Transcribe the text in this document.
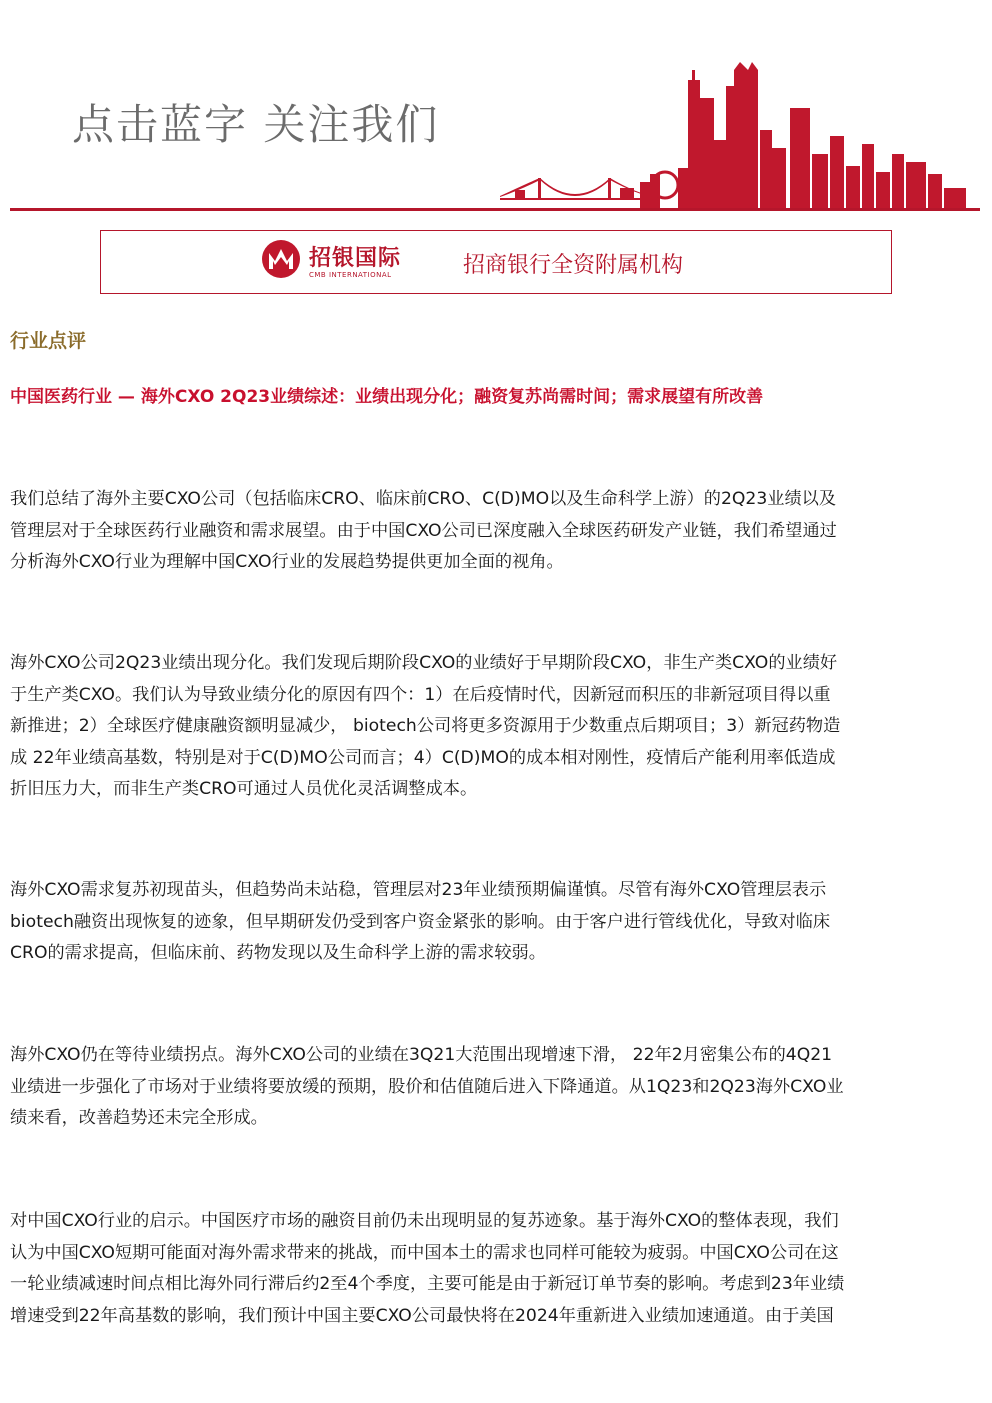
点击蓝字 关注我们
招银国际
CMB INTERNATIONAL	招商银行全资附属机构
行业点评
中国医药行业 — 海外CXO 2Q23业绩综述：业绩出现分化；融资复苏尚需时间；需求展望有所改善
我们总结了海外主要CXO公司（包括临床CRO、临床前CRO、C(D)MO以及生命科学上游）的2Q23业绩以及
管理层对于全球医药行业融资和需求展望。由于中国CXO公司已深度融入全球医药研发产业链，我们希望通过
分析海外CXO行业为理解中国CXO行业的发展趋势提供更加全面的视角。
海外CXO公司2Q23业绩出现分化。我们发现后期阶段CXO的业绩好于早期阶段CXO，非生产类CXO的业绩好
于生产类CXO。我们认为导致业绩分化的原因有四个：1）在后疫情时代，因新冠而积压的非新冠项目得以重
新推进；2）全球医疗健康融资额明显减少， biotech公司将更多资源用于少数重点后期项目；3）新冠药物造
成 22年业绩高基数，特别是对于C(D)MO公司而言；4）C(D)MO的成本相对刚性，疫情后产能利用率低造成
折旧压力大，而非生产类CRO可通过人员优化灵活调整成本。
海外CXO需求复苏初现苗头，但趋势尚未站稳，管理层对23年业绩预期偏谨慎。尽管有海外CXO管理层表示
biotech融资出现恢复的迹象，但早期研发仍受到客户资金紧张的影响。由于客户进行管线优化，导致对临床
CRO的需求提高，但临床前、药物发现以及生命科学上游的需求较弱。
海外CXO仍在等待业绩拐点。海外CXO公司的业绩在3Q21大范围出现增速下滑， 22年2月密集公布的4Q21
业绩进一步强化了市场对于业绩将要放缓的预期，股价和估值随后进入下降通道。从1Q23和2Q23海外CXO业
绩来看，改善趋势还未完全形成。
对中国CXO行业的启示。中国医疗市场的融资目前仍未出现明显的复苏迹象。基于海外CXO的整体表现，我们
认为中国CXO短期可能面对海外需求带来的挑战，而中国本土的需求也同样可能较为疲弱。中国CXO公司在这
一轮业绩减速时间点相比海外同行滞后约2至4个季度，主要可能是由于新冠订单节奏的影响。考虑到23年业绩
增速受到22年高基数的影响，我们预计中国主要CXO公司最快将在2024年重新进入业绩加速通道。由于美国
